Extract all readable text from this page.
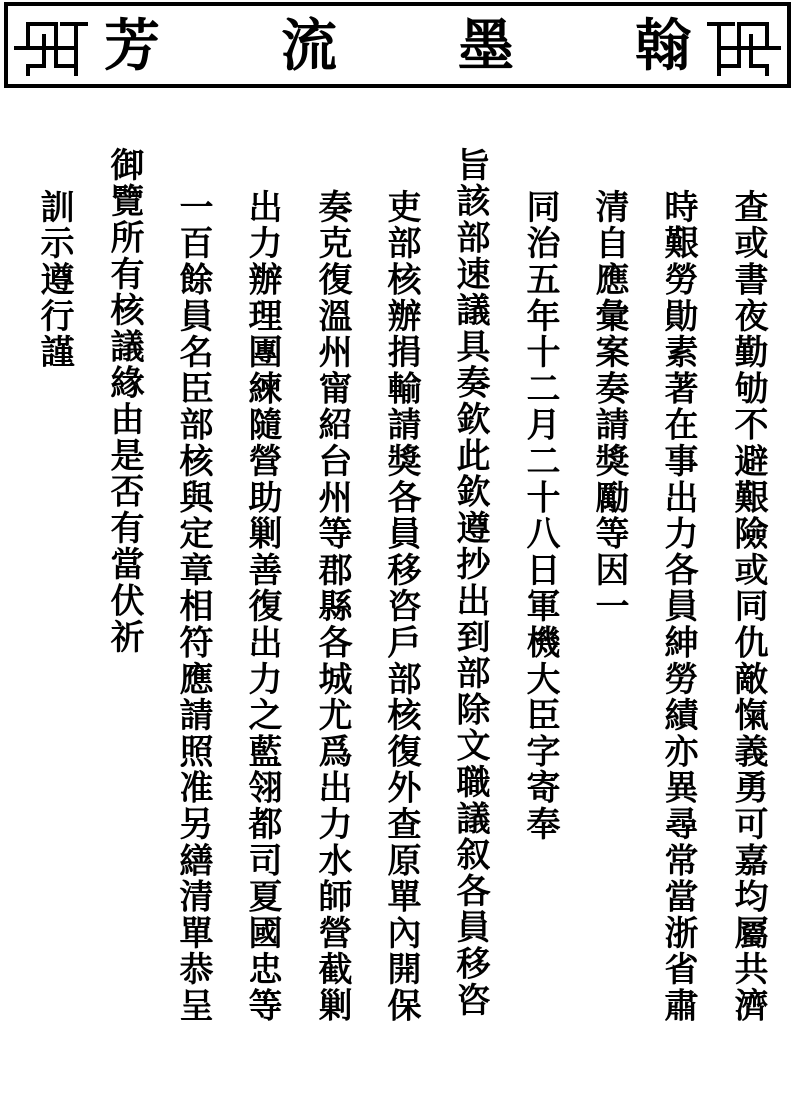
芳 流 墨 翰
查或書夜勤劬不避艱險或同仇敵愾義勇可嘉均屬共濟
時艱勞勛素著在事出力各員紳勞績亦異尋常當浙省肅
清自應彙案奏請獎勵等因一
同治五年十二月二十八日軍機大臣字寄奉
旨該部速議具奏欽此欽遵抄出到部除文職議叙各員移咨
吏部核辦捐輸請獎各員移咨戶部核復外查原單內開保
奏克復溫州甯紹台州等郡縣各城尤爲出力水師營截剿
出力辦理團練隨營助剿善復出力之藍翎都司夏國忠等
一百餘員名臣部核與定章相符應請照准另繕清單恭呈
御覽所有核議緣由是否有當伏祈
訓示遵行謹
